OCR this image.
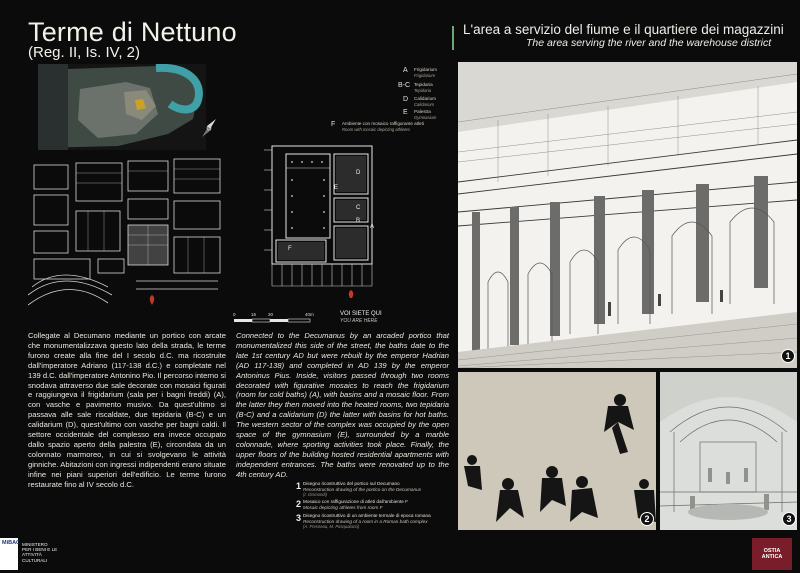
Terme di Nettuno
(Reg. II, Is. IV, 2)
L'area a servizio del fiume e il quartiere dei magazzini
The area serving the river and the warehouse district
A Frigidarium
Frigidarium
B-C Tepidaria
Tepidaria
D Calidarium
Calidarium
E Palestra
Gymnasium
F Ambiente con mosaico raffigurante atleti
Room with mosaic depicting athletes
E
D
C
A
B
F
VOI SIETE QUI
YOU ARE HERE
0	16	30	40m
Collegate al Decumano mediante un portico con arcate che monumentalizzava questo lato della strada, le terme furono create alla fine del I secolo d.C. ma ricostruite dall'imperatore Adriano (117-138 d.C.) e completate nel 139 d.C. dall'imperatore Antonino Pio. Il percorso interno si snodava attraverso due sale decorate con mosaici figurati e raggiungeva il frigidarium (sala per i bagni freddi) (A), con vasche e pavimento musivo. Da quest'ultimo si passava alle sale riscaldate, due tepidaria (B-C) e un calidarium (D), quest'ultimo con vasche per bagni caldi. Il settore occidentale del complesso era invece occupato dallo spazio aperto della palestra (E), circondata da un colonnato marmoreo, in cui si svolgevano le attività ginniche. Abitazioni con ingressi indipendenti erano situate infine nei piani superiori dell'edificio. Le terme furono restaurate fino al IV secolo d.C.
Connected to the Decumanus by an arcaded portico that monumentalized this side of the street, the baths date to the late 1st century AD but were rebuilt by the emperor Hadrian (AD 117-138) and completed in AD 139 by the emperor Antoninus Pius. Inside, visitors passed through two rooms decorated with figurative mosaics to reach the frigidarium (room for cold baths) (A), with basins and a mosaic floor. From the latter they then moved into the heated rooms, two tepidaria (B-C) and a calidarium (D) the latter with basins for hot baths. The western sector of the complex was occupied by the open space of the gymnasium (E), surrounded by a marble colonnade, where sporting activities took place. Finally, the upper floors of the building hosted residential apartments with independent entrances. The baths were renovated up to the 4th century AD.
1 Disegno ricostruttivo del portico sul Decumano
Reconstruction drawing of the portico on the Decumanus
(I. Gismondi)
2 Mosaico con raffigurazione di atleti dall'ambiente F
Mosaic depicting athletes from room F
3 Disegno ricostruttivo di un ambiente termale di epoca romana
Reconstruction drawing of a room in a Roman bath complex
(A. Fresneau, M. Pasqualucci)
1
2	3
MiBAC MINISTERO PER I BENI E LE ATTIVITÀ CULTURALI
OSTIA ANTICA
